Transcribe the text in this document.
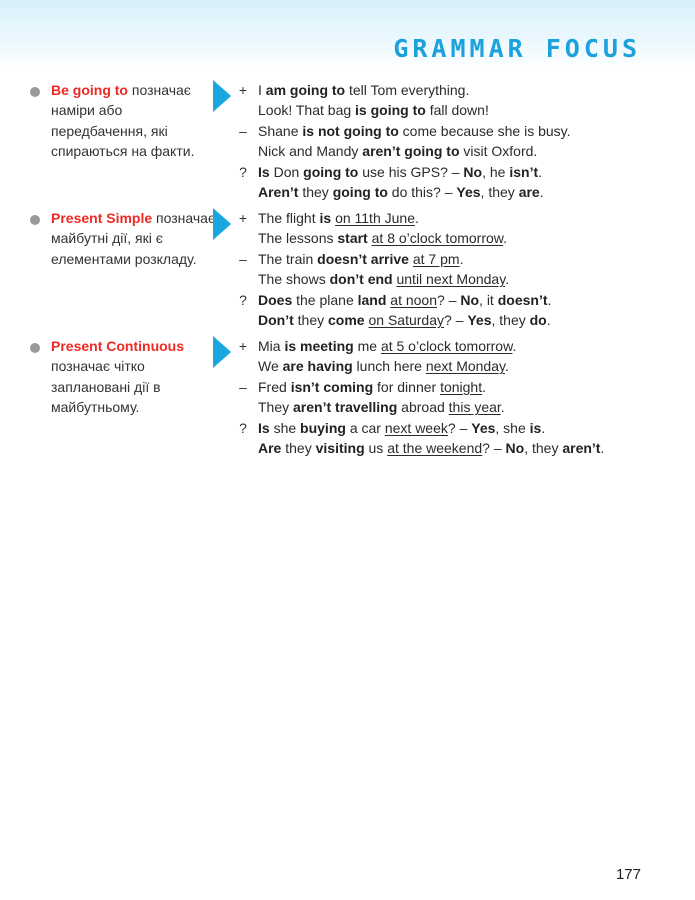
GRAMMAR FOCUS
Be going to позначає
наміри або
передбачення, які
спираються на факти.
+ I am going to tell Tom everything.
Look! That bag is going to fall down!
– Shane is not going to come because she is busy.
Nick and Mandy aren’t going to visit Oxford.
? Is Don going to use his GPS? – No, he isn’t.
Aren’t they going to do this? – Yes, they are.
Present Simple позначає
майбутні дії, які є
елементами розкладу.
+ The flight is on 11th June.
The lessons start at 8 o’clock tomorrow.
– The train doesn’t arrive at 7 pm.
The shows don’t end until next Monday.
? Does the plane land at noon? – No, it doesn’t.
Don’t they come on Saturday? – Yes, they do.
Present Continuous
позначає чітко
заплановані дії в
майбутньому.
+ Mia is meeting me at 5 o’clock tomorrow.
We are having lunch here next Monday.
– Fred isn’t coming for dinner tonight.
They aren’t travelling abroad this year.
? Is she buying a car next week? – Yes, she is.
Are they visiting us at the weekend? – No, they aren’t.
177
